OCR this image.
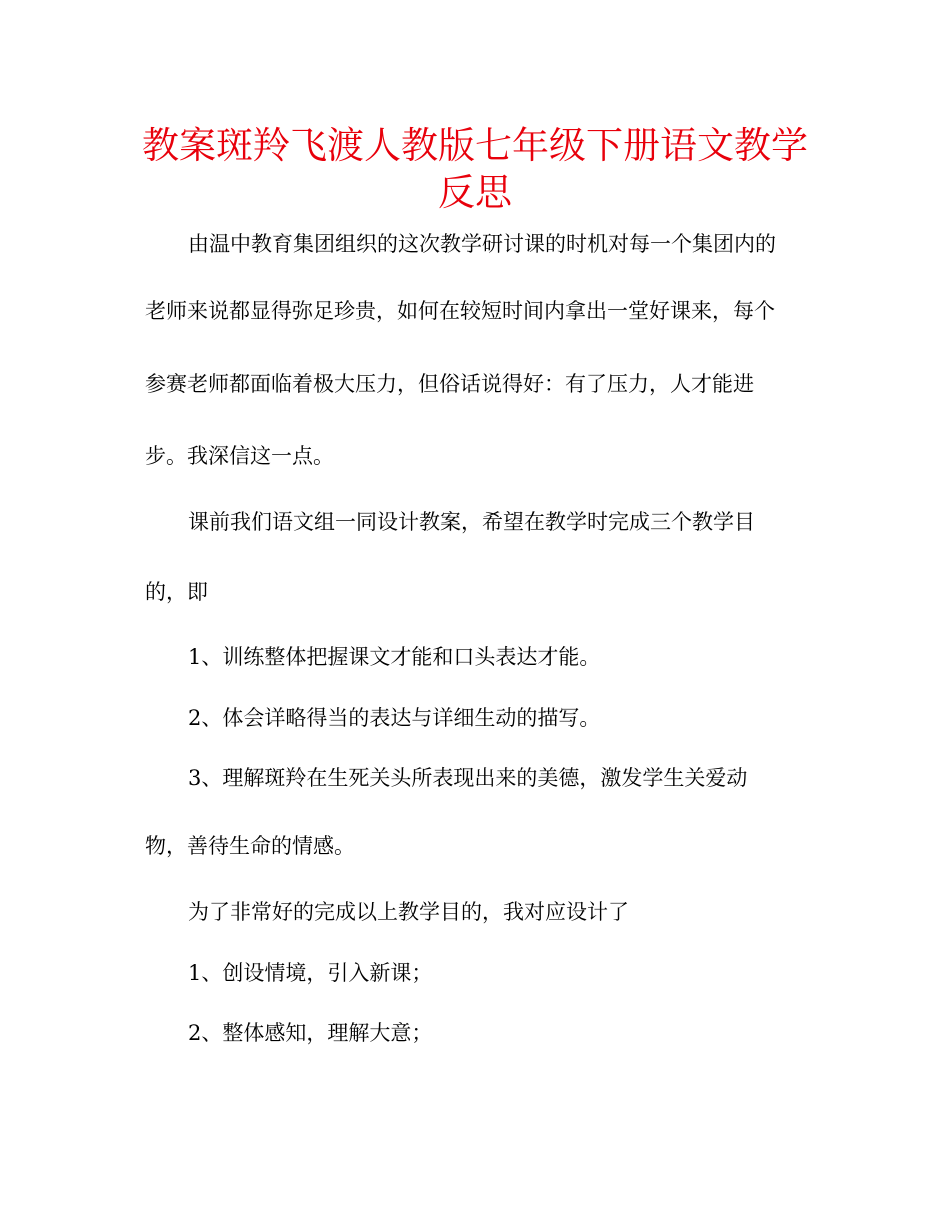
教案斑羚飞渡人教版七年级下册语文教学
反思

由温中教育集团组织的这次教学研讨课的时机对每一个集团内的

老师来说都显得弥足珍贵，如何在较短时间内拿出一堂好课来，每个

参赛老师都面临着极大压力，但俗话说得好：有了压力，人才能进

步。我深信这一点。

课前我们语文组一同设计教案，希望在教学时完成三个教学目

的，即

1、训练整体把握课文才能和口头表达才能。

2、体会详略得当的表达与详细生动的描写。

3、理解斑羚在生死关头所表现出来的美德，激发学生关爱动

物，善待生命的情感。

为了非常好的完成以上教学目的，我对应设计了

1、创设情境，引入新课；

2、整体感知，理解大意；
